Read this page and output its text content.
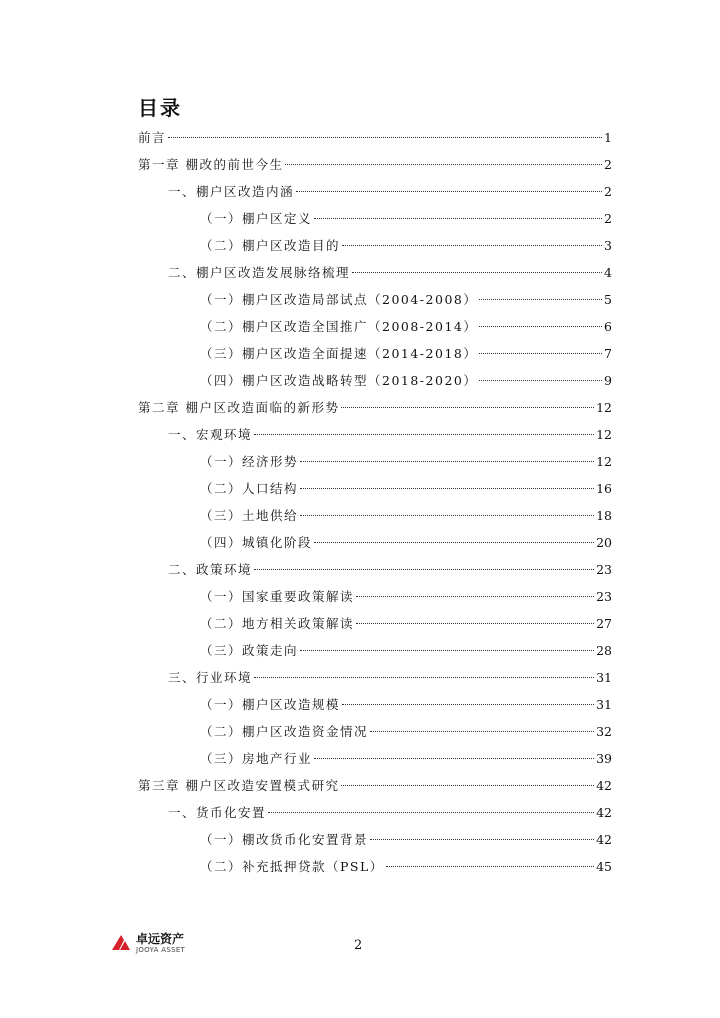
目录
前言	1
第一章 棚改的前世今生	2
一、棚户区改造内涵	2
（一）棚户区定义	2
（二）棚户区改造目的	3
二、棚户区改造发展脉络梳理	4
（一）棚户区改造局部试点（2004-2008）	5
（二）棚户区改造全国推广（2008-2014）	6
（三）棚户区改造全面提速（2014-2018）	7
（四）棚户区改造战略转型（2018-2020）	9
第二章 棚户区改造面临的新形势	12
一、宏观环境	12
（一）经济形势	12
（二）人口结构	16
（三）土地供给	18
（四）城镇化阶段	20
二、政策环境	23
（一）国家重要政策解读	23
（二）地方相关政策解读	27
（三）政策走向	28
三、行业环境	31
（一）棚户区改造规模	31
（二）棚户区改造资金情况	32
（三）房地产行业	39
第三章 棚户区改造安置模式研究	42
一、货币化安置	42
（一）棚改货币化安置背景	42
（二）补充抵押贷款（PSL）	45
卓远资产
JOOYA ASSET	2
